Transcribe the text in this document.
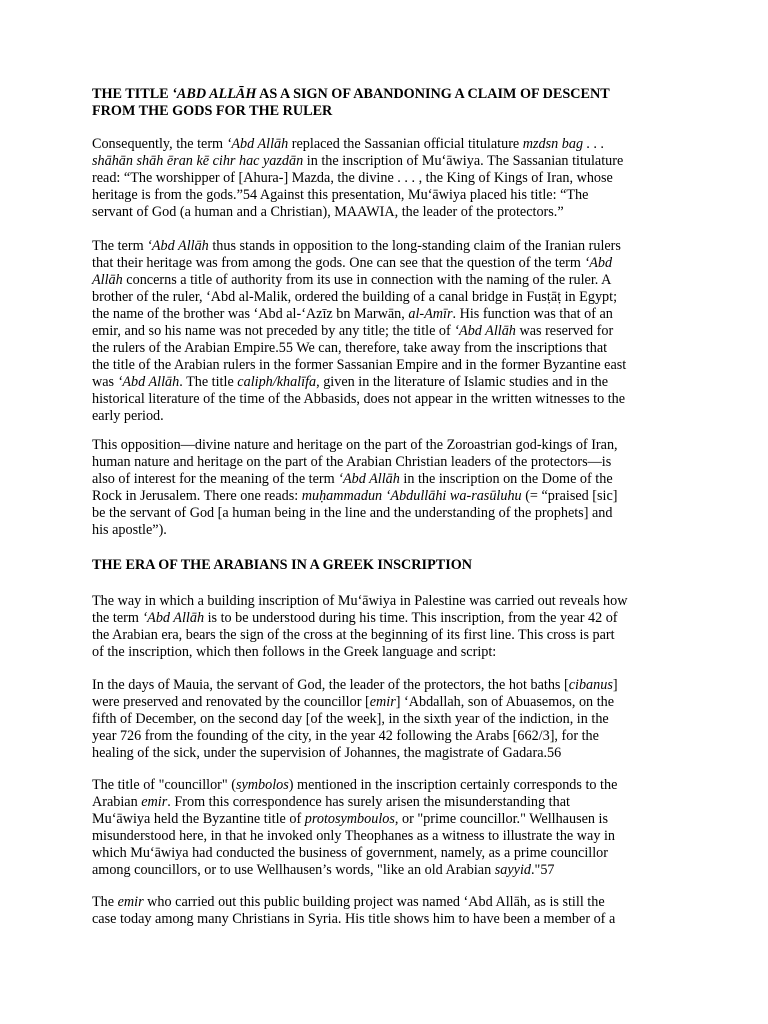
THE TITLE ‘ABD ALLĀH AS A SIGN OF ABANDONING A CLAIM OF DESCENT
FROM THE GODS FOR THE RULER
Consequently, the term ‘Abd Allāh replaced the Sassanian official titulature mzdsn bag . . .
shāhān shāh ēran kē cihr hac yazdān in the inscription of Mu‘āwiya. The Sassanian titulature
read: “The worshipper of [Ahura-] Mazda, the divine . . . , the King of Kings of Iran, whose
heritage is from the gods.”54 Against this presentation, Mu‘āwiya placed his title: “The
servant of God (a human and a Christian), MAAWIA, the leader of the protectors.”
The term ‘Abd Allāh thus stands in opposition to the long-standing claim of the Iranian rulers
that their heritage was from among the gods. One can see that the question of the term ‘Abd
Allāh concerns a title of authority from its use in connection with the naming of the ruler. A
brother of the ruler, ‘Abd al-Malik, ordered the building of a canal bridge in Fusṭāṭ in Egypt;
the name of the brother was ‘Abd al-‘Azīz bn Marwān, al-Amīr. His function was that of an
emir, and so his name was not preceded by any title; the title of ‘Abd Allāh was reserved for
the rulers of the Arabian Empire.55 We can, therefore, take away from the inscriptions that
the title of the Arabian rulers in the former Sassanian Empire and in the former Byzantine east
was ‘Abd Allāh. The title caliph/khalīfa, given in the literature of Islamic studies and in the
historical literature of the time of the Abbasids, does not appear in the written witnesses to the
early period.
This opposition—divine nature and heritage on the part of the Zoroastrian god-kings of Iran,
human nature and heritage on the part of the Arabian Christian leaders of the protectors—is
also of interest for the meaning of the term ‘Abd Allāh in the inscription on the Dome of the
Rock in Jerusalem. There one reads: muḥammadun ‘Abdullāhi wa-rasūluhu (= “praised [sic]
be the servant of God [a human being in the line and the understanding of the prophets] and
his apostle”).
THE ERA OF THE ARABIANS IN A GREEK INSCRIPTION
The way in which a building inscription of Mu‘āwiya in Palestine was carried out reveals how
the term ‘Abd Allāh is to be understood during his time. This inscription, from the year 42 of
the Arabian era, bears the sign of the cross at the beginning of its first line. This cross is part
of the inscription, which then follows in the Greek language and script:
In the days of Mauia, the servant of God, the leader of the protectors, the hot baths [cibanus]
were preserved and renovated by the councillor [emir] ‘Abdallah, son of Abuasemos, on the
fifth of December, on the second day [of the week], in the sixth year of the indiction, in the
year 726 from the founding of the city, in the year 42 following the Arabs [662/3], for the
healing of the sick, under the supervision of Johannes, the magistrate of Gadara.56
The title of "councillor" (symbolos) mentioned in the inscription certainly corresponds to the
Arabian emir. From this correspondence has surely arisen the misunderstanding that
Mu‘āwiya held the Byzantine title of protosymboulos, or "prime councillor." Wellhausen is
misunderstood here, in that he invoked only Theophanes as a witness to illustrate the way in
which Mu‘āwiya had conducted the business of government, namely, as a prime councillor
among councillors, or to use Wellhausen’s words, "like an old Arabian sayyid."57
The emir who carried out this public building project was named ‘Abd Allāh, as is still the
case today among many Christians in Syria. His title shows him to have been a member of a
